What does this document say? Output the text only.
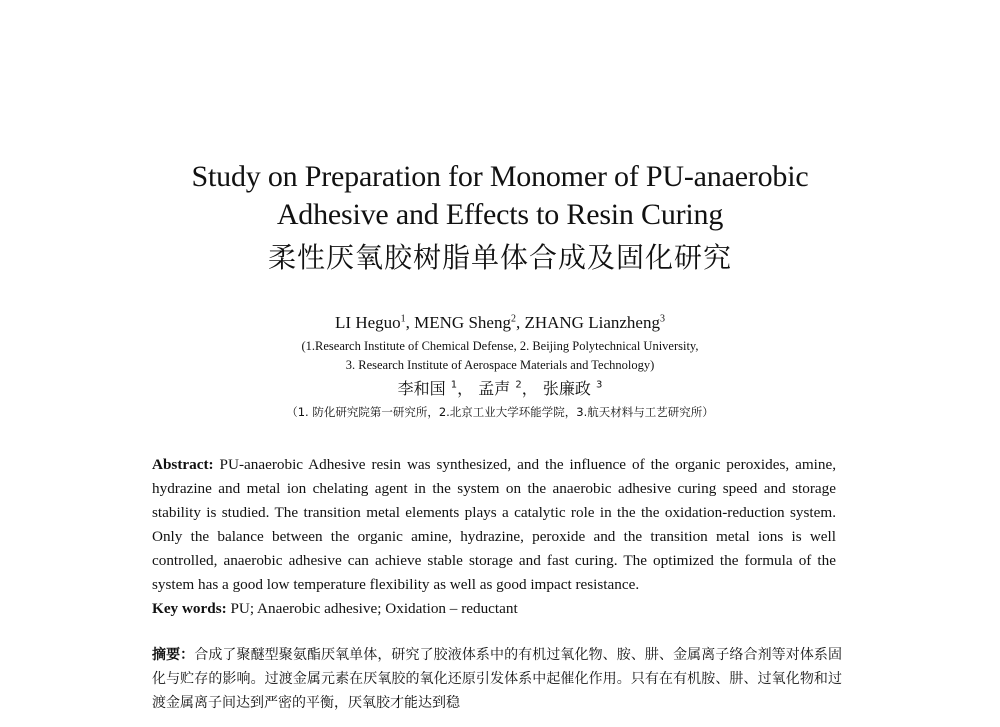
Study on Preparation for Monomer of PU-anaerobic
Adhesive and Effects to Resin Curing
柔性厌氧胶树脂单体合成及固化研究
LI Heguo$^1$, MENG Sheng$^2$, ZHANG Lianzheng$^3$
(1.Research Institute of Chemical Defense, 2. Beijing Polytechnical University,
3. Research Institute of Aerospace Materials and Technology)
李和国 $^1$， 孟声 $^2$， 张廉政 $^3$
（1. 防化研究院第一研究所，2.北京工业大学环能学院，3.航天材料与工艺研究所）

Abstract: PU-anaerobic Adhesive resin was synthesized, and the influence of the organic peroxides, amine, hydrazine and metal ion chelating agent in the system on the anaerobic adhesive curing speed and storage stability is studied. The transition metal elements plays a catalytic role in the the oxidation-reduction system. Only the balance between the organic amine, hydrazine, peroxide and the transition metal ions is well controlled, anaerobic adhesive can achieve stable storage and fast curing. The optimized the formula of the system has a good low temperature flexibility as well as good impact resistance.

Key words: PU; Anaerobic adhesive; Oxidation – reductant

摘要：合成了聚醚型聚氨酯厌氧单体，研究了胶液体系中的有机过氧化物、胺、肼、金属离子络合剂等对体系固化与贮存的影响。过渡金属元素在厌氧胶的氧化还原引发体系中起催化作用。只有在有机胺、肼、过氧化物和过渡金属离子间达到严密的平衡，厌氧胶才能达到稳
